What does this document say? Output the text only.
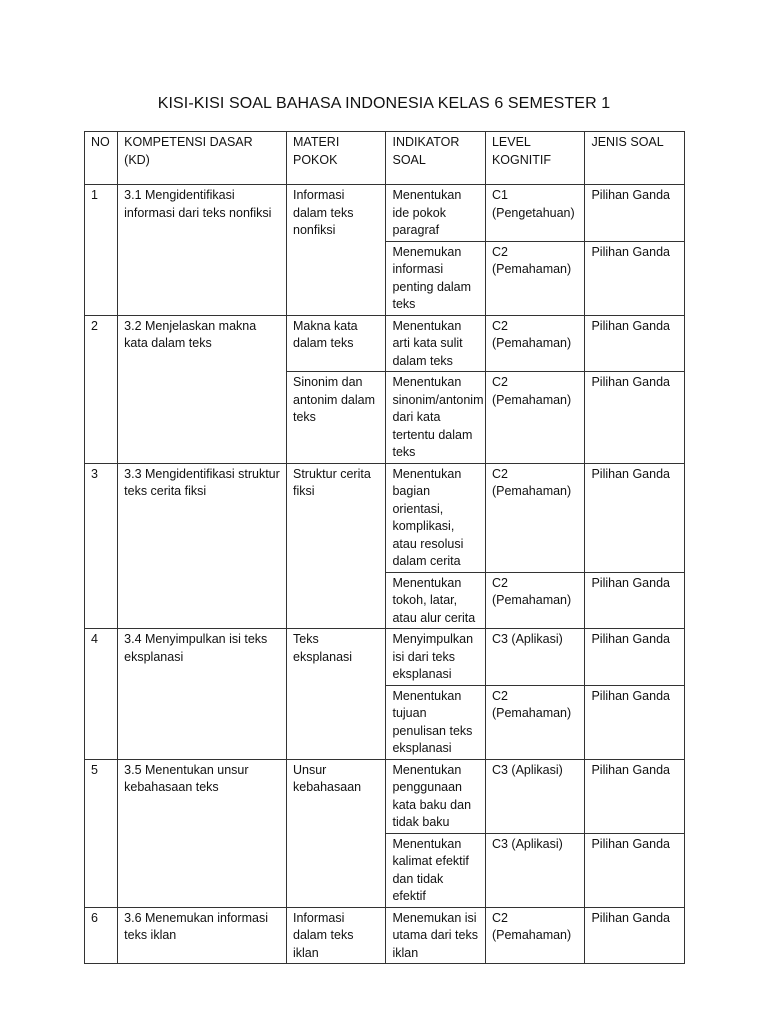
KISI-KISI SOAL BAHASA INDONESIA KELAS 6 SEMESTER 1
NO	KOMPETENSI DASAR (KD)	MATERI POKOK	INDIKATOR SOAL	LEVEL KOGNITIF	JENIS SOAL
1	3.1 Mengidentifikasi informasi dari teks nonfiksi	Informasi dalam teks nonfiksi	Menentukan ide pokok paragraf	C1 (Pengetahuan)	Pilihan Ganda
			Menemukan informasi penting dalam teks	C2 (Pemahaman)	Pilihan Ganda
2	3.2 Menjelaskan makna kata dalam teks	Makna kata dalam teks	Menentukan arti kata sulit dalam teks	C2 (Pemahaman)	Pilihan Ganda
		Sinonim dan antonim dalam teks	Menentukan sinonim/antonim dari kata tertentu dalam teks	C2 (Pemahaman)	Pilihan Ganda
3	3.3 Mengidentifikasi struktur teks cerita fiksi	Struktur cerita fiksi	Menentukan bagian orientasi, komplikasi, atau resolusi dalam cerita	C2 (Pemahaman)	Pilihan Ganda
			Menentukan tokoh, latar, atau alur cerita	C2 (Pemahaman)	Pilihan Ganda
4	3.4 Menyimpulkan isi teks eksplanasi	Teks eksplanasi	Menyimpulkan isi dari teks eksplanasi	C3 (Aplikasi)	Pilihan Ganda
			Menentukan tujuan penulisan teks eksplanasi	C2 (Pemahaman)	Pilihan Ganda
5	3.5 Menentukan unsur kebahasaan teks	Unsur kebahasaan	Menentukan penggunaan kata baku dan tidak baku	C3 (Aplikasi)	Pilihan Ganda
			Menentukan kalimat efektif dan tidak efektif	C3 (Aplikasi)	Pilihan Ganda
6	3.6 Menemukan informasi teks iklan	Informasi dalam teks iklan	Menemukan isi utama dari teks iklan	C2 (Pemahaman)	Pilihan Ganda
